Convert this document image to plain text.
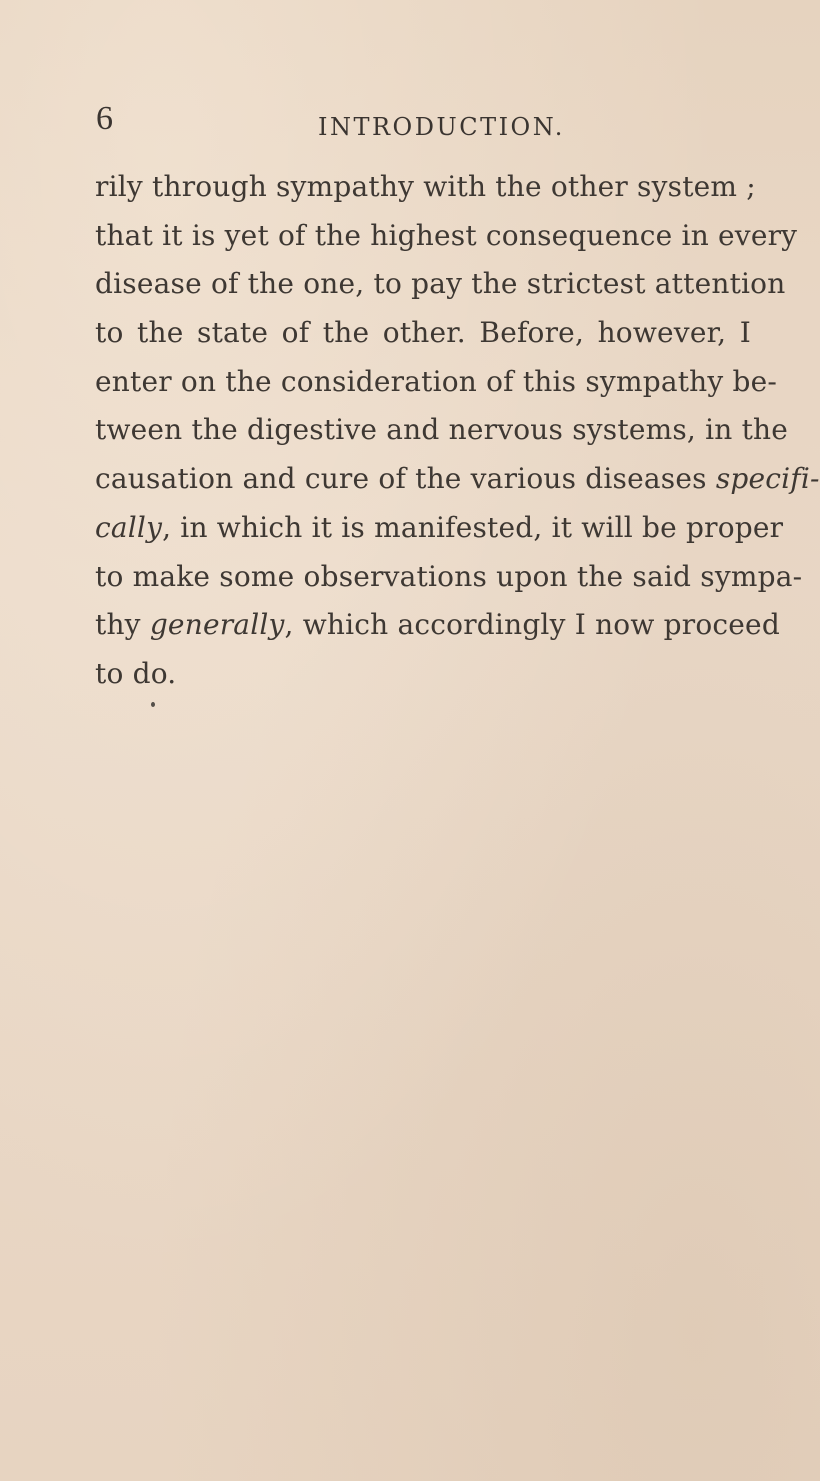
6	INTRODUCTION.
rily through sympathy with the other system ;
that it is yet of the highest consequence in every
disease of the one, to pay the strictest attention
to the state of the other. Before, however, I
enter on the consideration of this sympathy be-
tween the digestive and nervous systems, in the
causation and cure of the various diseases specifi-
cally, in which it is manifested, it will be proper
to make some observations upon the said sympa-
thy generally, which accordingly I now proceed
to do.
